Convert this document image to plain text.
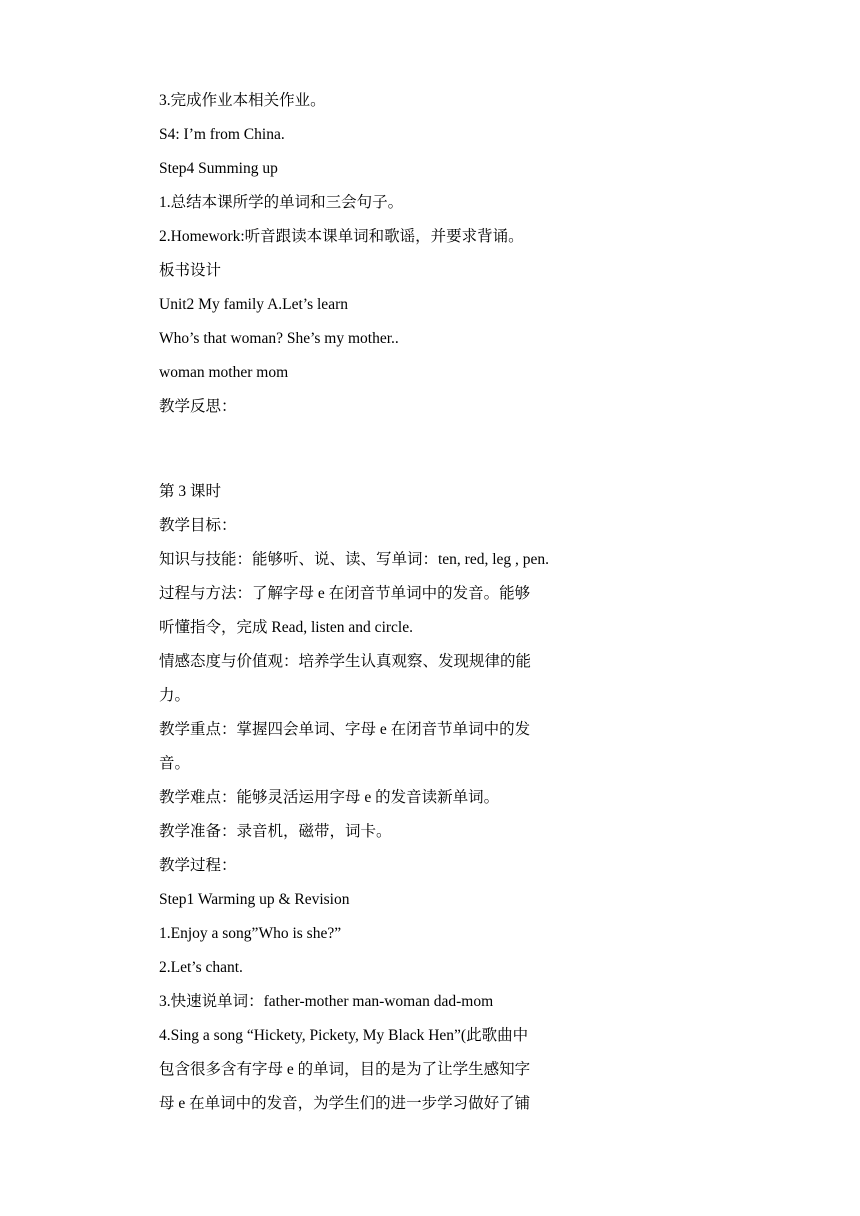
3.完成作业本相关作业。

S4: I’m from China.

Step4 Summing up

1.总结本课所学的单词和三会句子。

2.Homework:听音跟读本课单词和歌谣，并要求背诵。

板书设计

Unit2 My family A.Let’s learn

Who’s that woman? She’s my mother..

woman mother mom

教学反思：

第 3 课时

教学目标：

知识与技能：能够听、说、读、写单词：ten, red, leg , pen.

过程与方法：了解字母 e 在闭音节单词中的发音。能够

听懂指令，完成 Read, listen and circle.

情感态度与价值观：培养学生认真观察、发现规律的能

力。

教学重点：掌握四会单词、字母 e 在闭音节单词中的发

音。

教学难点：能够灵活运用字母 e 的发音读新单词。

教学准备：录音机，磁带，词卡。

教学过程：

Step1 Warming up & Revision

1.Enjoy a song”Who is she?”

2.Let’s chant.

3.快速说单词：father-mother man-woman dad-mom

4.Sing a song “Hickety, Pickety, My Black Hen”(此歌曲中

包含很多含有字母 e 的单词，目的是为了让学生感知字

母 e 在单词中的发音，为学生们的进一步学习做好了铺
